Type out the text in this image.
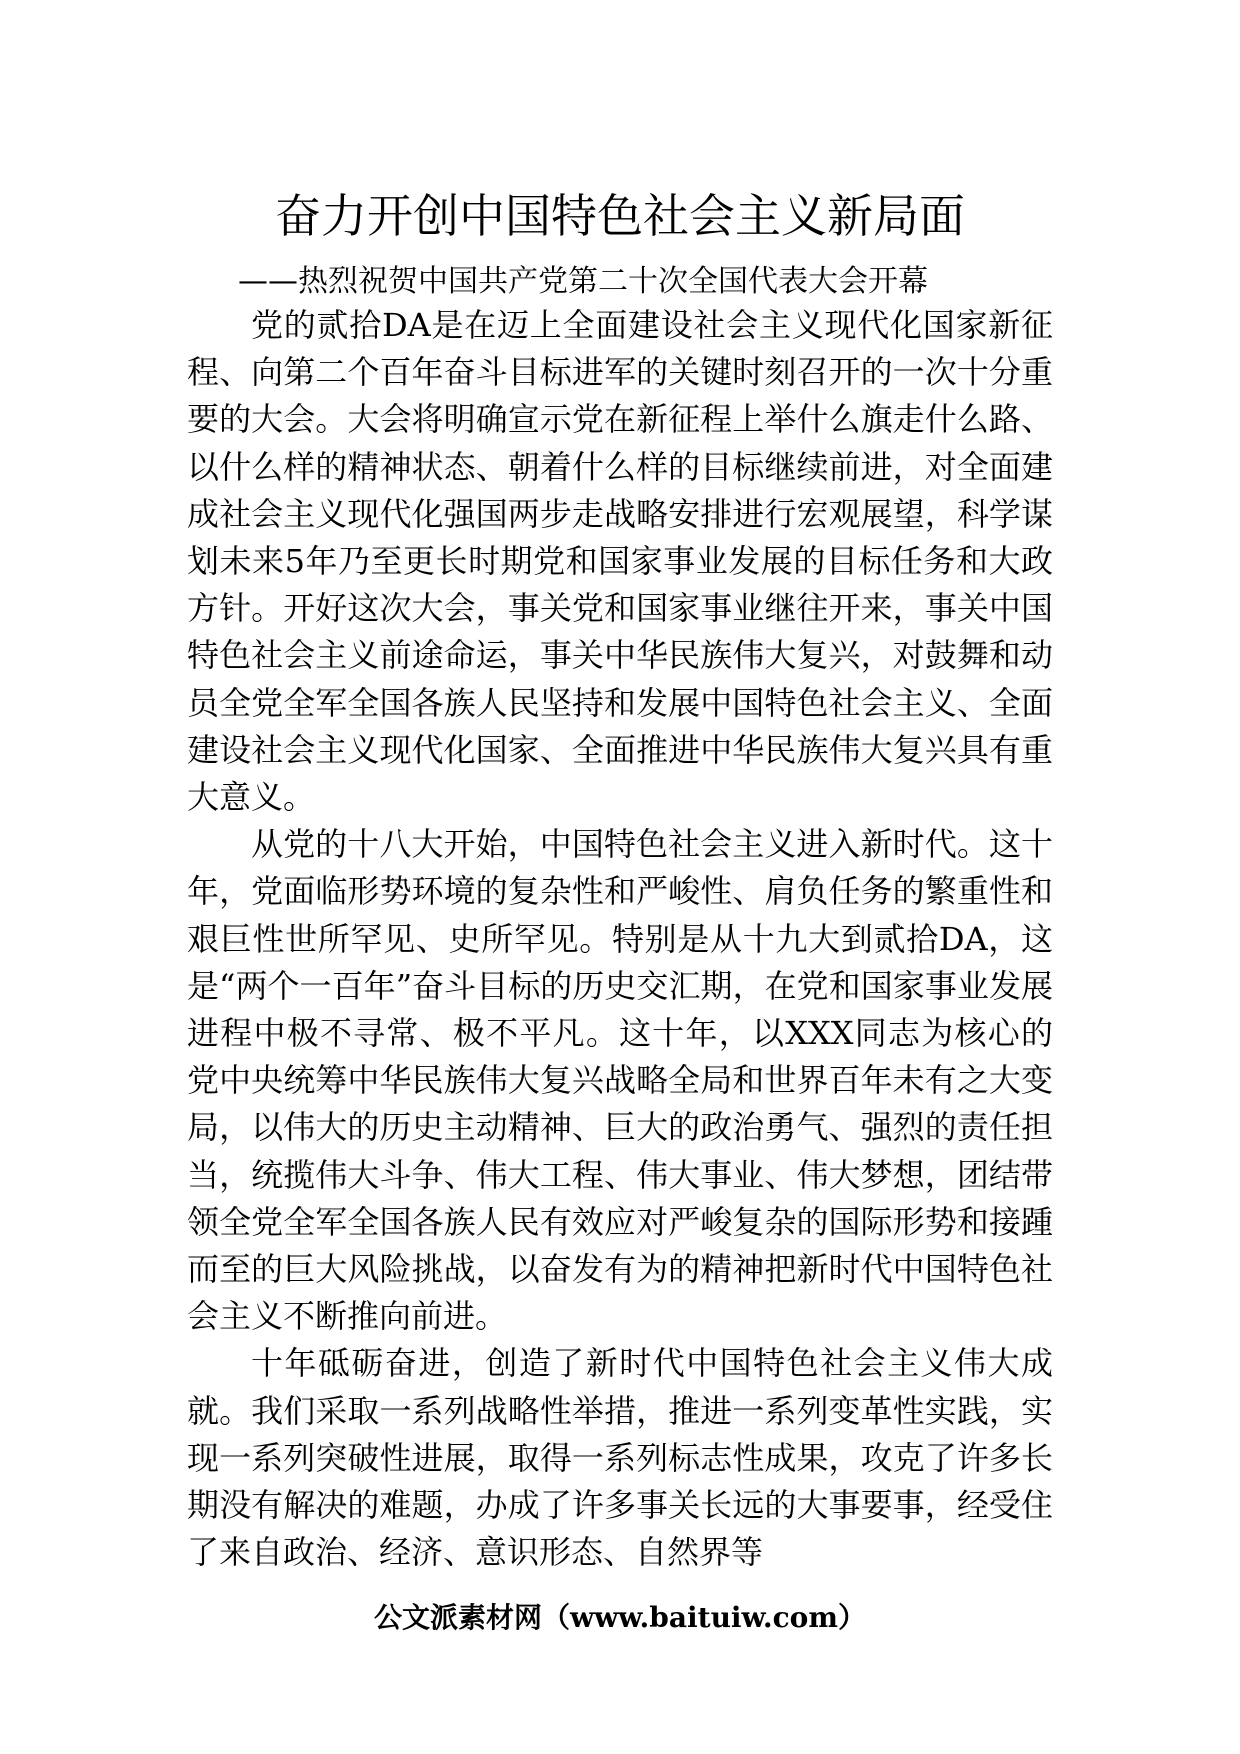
奋力开创中国特色社会主义新局面
——热烈祝贺中国共产党第二十次全国代表大会开幕

党的贰拾DA是在迈上全面建设社会主义现代化国家新征程、向第二个百年奋斗目标进军的关键时刻召开的一次十分重要的大会。大会将明确宣示党在新征程上举什么旗走什么路、以什么样的精神状态、朝着什么样的目标继续前进，对全面建成社会主义现代化强国两步走战略安排进行宏观展望，科学谋划未来5年乃至更长时期党和国家事业发展的目标任务和大政方针。开好这次大会，事关党和国家事业继往开来，事关中国特色社会主义前途命运，事关中华民族伟大复兴，对鼓舞和动员全党全军全国各族人民坚持和发展中国特色社会主义、全面建设社会主义现代化国家、全面推进中华民族伟大复兴具有重大意义。

从党的十八大开始，中国特色社会主义进入新时代。这十年，党面临形势环境的复杂性和严峻性、肩负任务的繁重性和艰巨性世所罕见、史所罕见。特别是从十九大到贰拾DA，这是“两个一百年”奋斗目标的历史交汇期，在党和国家事业发展进程中极不寻常、极不平凡。这十年，以XXX同志为核心的党中央统筹中华民族伟大复兴战略全局和世界百年未有之大变局，以伟大的历史主动精神、巨大的政治勇气、强烈的责任担当，统揽伟大斗争、伟大工程、伟大事业、伟大梦想，团结带领全党全军全国各族人民有效应对严峻复杂的国际形势和接踵而至的巨大风险挑战，以奋发有为的精神把新时代中国特色社会主义不断推向前进。

十年砥砺奋进，创造了新时代中国特色社会主义伟大成就。我们采取一系列战略性举措，推进一系列变革性实践，实现一系列突破性进展，取得一系列标志性成果，攻克了许多长期没有解决的难题，办成了许多事关长远的大事要事，经受住了来自政治、经济、意识形态、自然界等

公文派素材网（www.baituiw.com）
